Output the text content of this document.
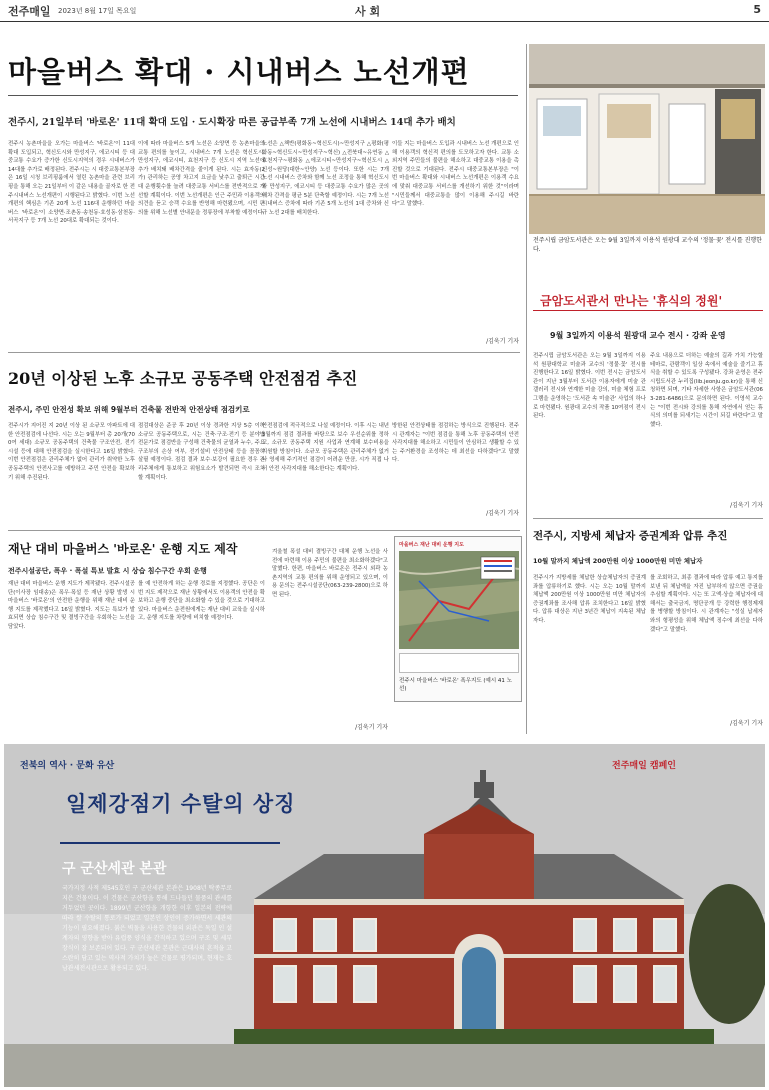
전주매일 2023년 8월 17일 목요일	사 회	5
마을버스 확대 · 시내버스 노선개편
전주시, 21일부터 '바로온' 11대 확대 도입 · 도시확장 따른 공급부족 7개 노선에 시내버스 14대 추가 배치
전주시 농촌마을을 오가는 마을버스 '바로온'이 11대 확대 도입되고, 혁신도시와 만성지구, 에코시티 등 대중교통 수요가 증가한 신도시지역의 경우 시내버스가 14대를 추가로 배정된다. 전주시는 시 대중교통본부장은 16일 시청 브리핑룸에서 열린 농촌마을 관련 브리핑을 통해 오는 21일부터 이 같은 내용을 골자로 한 전주시내버스 노선개편이 시행된다고 밝혔다. 이번 노선 개편의 핵심은 기존 20개 노선 116대 운행하던 마을버스 '바로온'이 소양면·조촌동·송천동·호성동·삼천동·서곡지구 등 7개 노선 20대로 확대되는 것이다.
이에 따라 마을버스 5개 노선은 소양면 등 농촌마을의 교통 편의를 높이고, 시내버스 7개 노선은 혁신도시, 만성지구, 에코시티, 효천지구 등 신도시 지역 노선에 추가 배치돼 배차간격을 줄이게 된다. 시는 효자동(2가) 관리하는 공영 차고지 요금을 낮추고 출퇴근 시간대 운행횟수를 늘려 대중교통 서비스를 전반적으로 개선할 계획이다. 이번 노선개편은 인근 주민과 이용객의 의견을 듣고 승객 수요를 반영해 마련됐으며, 시민 편의를 위해 노선별 안내문을 정류장에 부착할 예정이다.
노선은 △책반(평화동~혁신도시)~만성지구 △평화(평화동~혁신도시~만성지구~혁신) △전북대~유연동 △효천지구~평화동 △에코시티~만성지구~혁신도시 △신성~원당(대한~안양) 노선 등이다. 또한 시는 7개 노선 시내버스 증차와 함께 노선 조정을 통해 혁신도시와 만성지구, 에코시티 등 대중교통 수요가 많은 곳의 배차 간격을 평균 5분 단축할 예정이다. 시는 7개 노선 시내버스 증차에 따라 기존 5개 노선의 1대 증차와 신규 노선 2대를 배치한다.
이들 지는 마을버스 도입과 시내버스 노선 개편으로 인해 이용객의 혁신적 편의를 도모하고자 한다. 교통 소외지역 주민들의 불편을 해소하고 대중교통 이용을 촉진할 것으로 기대된다. 전주시 대중교통본부장은 "이번 마을버스 확대와 시내버스 노선개편은 이용객 수요에 맞춰 대중교통 서비스를 개선하기 위한 것"이라며 "시민들께서 대중교통을 많이 이용해 주시길 바란다"고 말했다.
/김욱기 기자
전주시립 금암도서관은 오는 9월 3일까지 이용석 원광대 교수의 '정물·꽃' 전시를 진행한다.
금암도서관서 만나는 '휴식의 정원'
9월 3일까지 이용석 원광대 교수 전시 · 강좌 운영
전주시립 금암도서관은 오는 9월 3일까지 이용석 원광대학교 미술과 교수의 '정물·꽃' 전시를 진행한다고 16일 밝혔다. 이번 전시는 금암도서관이 지난 3월부터 도서관 이용자에게 미술 관 갤러리 전시와 연계한 미술 강의, 미술 체험 프로그램을 운영하는 '도서관 속 미술관' 사업의 하나로 마련됐다. 원광대 교수의 작품 10여점이 전시된다.
주요 내용으로 더하는 예술의 길과 가치 가능할 테마로, 관람객이 일상 속에서 예술을 즐기고 휴식을 취할 수 있도록 구성됐다. 강좌 운영은 전주시립도서관 누리집(lib.jeonju.go.kr)을 통해 신청하면 되며, 기타 자세한 사항은 금암도서관(063-281-6486)으로 문의하면 된다. 이영석 교수는 "이번 전시와 강의를 통해 자연에서 얻는 휴식의 의미를 되새기는 시간이 되길 바란다"고 말했다.
/김욱기 기자
20년 이상된 노후 소규모 공동주택 안전점검 추진
전주시, 주민 안전성 확보 위해 9월부터 건축물 전반적 안전상태 점검키로
전주시가 지어진 지 20년 이상 된 소규모 아파트에 대한 안전점검에 나선다. 시는 오는 9월부터 총 20개(700여 세대) 소규모 공동주택의 건축물 구조안전, 전기 시설 등에 대해 안전점검을 실시한다고 16일 밝혔다. 이번 안전점검은 관리주체가 없어 관리가 취약한 노후 공동주택의 안전사고를 예방하고 주민 안전을 확보하기 위해 추진된다.
점검대상은 준공 후 20년 이상 경과한 지상 5층 이하 소규모 공동주택으로, 시는 건축·구조·전기 등 분야별 전문가로 점검반을 구성해 건축물의 균열과 누수, 주요 구조부의 손상 여부, 전기설비 안전상태 등을 꼼꼼히 살필 예정이다. 점검 결과 보수·보강이 필요한 경우 관리주체에게 통보하고 위험요소가 발견되면 즉시 조치할 계획이다.
안전점검에 적극적으로 나설 예정이다. 이후 시는 내년 3월까지 점검 결과를 바탕으로 보수 우선순위를 정하고, 소규모 공동주택 지원 사업과 연계해 보수비용을 지원할 방침이다. 소규모 공동주택은 관리주체가 없거나 영세해 주기적인 점검이 어려운 만큼, 시가 직접 나서 안전 사각지대를 해소한다는 계획이다.
방한된 안전상태를 점검하는 방식으로 진행된다. 전주시 관계자는 "이번 점검을 통해 노후 공동주택의 안전 사각지대를 해소하고 시민들이 안심하고 생활할 수 있는 주거환경을 조성하는 데 최선을 다하겠다"고 말했다.
/김욱기 기자
재난 대비 마을버스 '바로온' 운행 지도 제작
전주시설공단, 폭우 · 폭설 특보 발효 시 상습 침수구간 우회 운행
재난 대비 마을버스 운행 지도가 제작됐다. 전주시설공단(이사장 임대송)은 폭우·폭설 등 재난 상황 발생 시 마을버스 '바로온'의 안전한 운행을 위해 재난 대비 운행 지도를 제작했다고 16일 밝혔다. 지도는 특보가 발효되면 상습 침수구간 및 결빙구간을 우회하는 노선을 담았다.
를 예 안전하게 하는 운행 경로를 지정했다. 공단은 이번 지도 제작으로 재난 상황에서도 이용객의 안전을 확보하고 운행 중단을 최소화할 수 있을 것으로 기대하고 있다. 마을버스 운전원에게는 재난 대비 교육을 실시하고, 운행 지도를 차량에 비치할 예정이다.
겨울철 폭설 대비 결빙구간 대체 운행 노선을 사전에 마련해 이용 주민의 불편을 최소화하겠다"고 말했다. 한편, 마을버스 바로온은 전주시 외곽 농촌지역의 교통 편의를 위해 운영되고 있으며, 이용 문의는 전주시설공단(063-239-2800)으로 하면 된다.
/김욱기 기자
마을버스 재난 대비 운행 지도
전주시 마을버스 '바로온' 폭우지도 (예시 41 노선)
전주시, 지방세 체납자 증권계좌 압류 추진
10월 말까지 체납액 200만원 이상 1000만원 미만 체납자
전주시가 지방세를 체납한 상습체납자의 증권계좌를 압류하기로 했다. 시는 오는 10월 말까지 체납액 200만원 이상 1000만원 미만 체납자의 증권계좌를 조사해 압류 조치한다고 16일 밝혔다. 압류 대상은 지난 3년간 체납이 지속된 체납자다.
를 조회하고, 최종 결과에 따라 압류 예고 통지를 보낸 뒤 체납액을 자진 납부하지 않으면 증권을 추심할 계획이다. 시는 또 고액·상습 체납자에 대해서는 출국금지, 명단공개 등 강력한 행정제재를 병행할 방침이다. 시 관계자는 "성실 납세자와의 형평성을 위해 체납액 징수에 최선을 다하겠다"고 말했다.
/김욱기 기자
전북의 역사 · 문화 유산	전주매일 캠페인
일제강점기 수탈의 상징
구 군산세관 본관
국가지정 사적 제545호인 구 군산세관 본관은 1908년 탁종무로 지은 건물이다. 이 건물은 군산항을 통해 드나들던 물품의 관세를 거두었던 곳이다. 1899년 군산항을 개항한 이후 일본의 전략에 따라 쌀 수탈의 통로가 되었고 일본인 상인이 증가하면서 세관의 기능이 필요해졌다. 붉은 벽돌을 사용한 건물의 외관은 독일 인 설계자의 영향을 받아 유럽풍 양식을 간직하고 있으며 구조 및 세부 장식이 잘 보존되어 있다. 구 군산세관 본관은 근대사의 흔적을 고스란히 담고 있는 역사적 가치가 높은 건물로 평가되며, 현재는 호남관세전시관으로 활용되고 있다.
